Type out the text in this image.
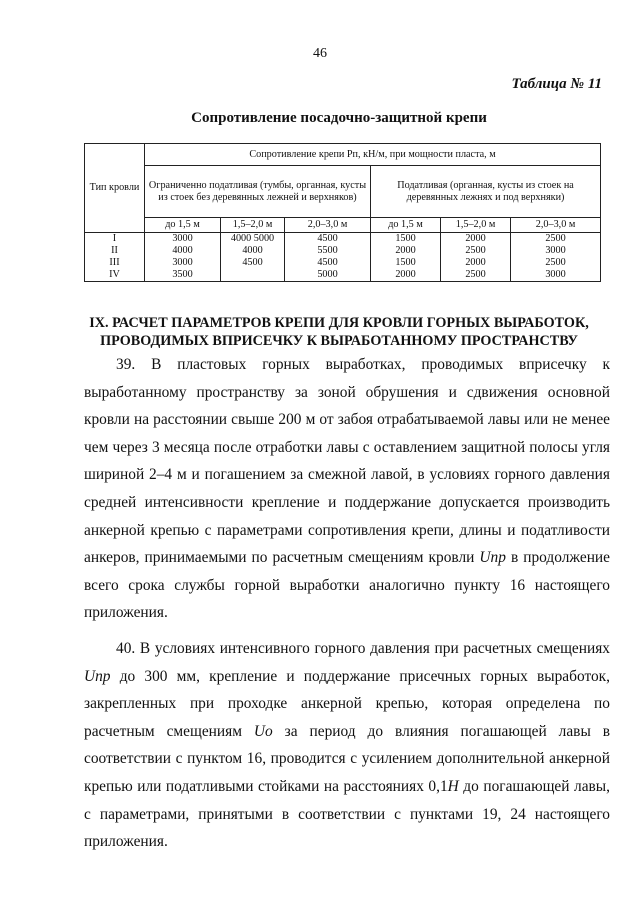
46
Таблица № 11
Сопротивление посадочно-защитной крепи
Тип кровли	Сопротивление крепи Pп, кН/м, при мощности пласта, м					
	Ограниченно податливая (тумбы, органная, кусты из стоек без деревянных лежней и верхняков)			Податливая (органная, кусты из стоек на деревянных лежнях и под верхняки)		
	до 1,5 м	1,5–2,0 м	2,0–3,0 м	до 1,5 м	1,5–2,0 м	2,0–3,0 м
I	3000	4000 5000	4500	1500	2000	2500
II	4000	4000	5500	2000	2500	3000
III	3000	4500	4500	1500	2000	2500
IV	3500		5000	2000	2500	3000
IX. РАСЧЕТ ПАРАМЕТРОВ КРЕПИ ДЛЯ КРОВЛИ ГОРНЫХ ВЫРАБОТОК,
ПРОВОДИМЫХ ВПРИСЕЧКУ К ВЫРАБОТАННОМУ ПРОСТРАНСТВУ

39. В пластовых горных выработках, проводимых вприсечку к выработанному пространству за зоной обрушения и сдвижения основной кровли на расстоянии свыше 200 м от забоя отрабатываемой лавы или не менее чем через 3 месяца после отработки лавы с оставлением защитной полосы угля шириной 2–4 м и погашением за смежной лавой, в условиях горного давления средней интенсивности крепление и поддержание допускается производить анкерной крепью с параметрами сопротивления крепи, длины и податливости анкеров, принимаемыми по расчетным смещениям кровли Uпр в продолжение всего срока службы горной выработки аналогично пункту 16 настоящего приложения.

40. В условиях интенсивного горного давления при расчетных смещениях Uпр до 300 мм, крепление и поддержание присечных горных выработок, закрепленных при проходке анкерной крепью, которая определена по расчетным смещениям Uо за период до влияния погашающей лавы в соответствии с пунктом 16, проводится с усилением дополнительной анкерной крепью или податливыми стойками на расстояниях 0,1H до погашающей лавы, с параметрами, принятыми в соответствии с пунктами 19, 24 настоящего приложения.
